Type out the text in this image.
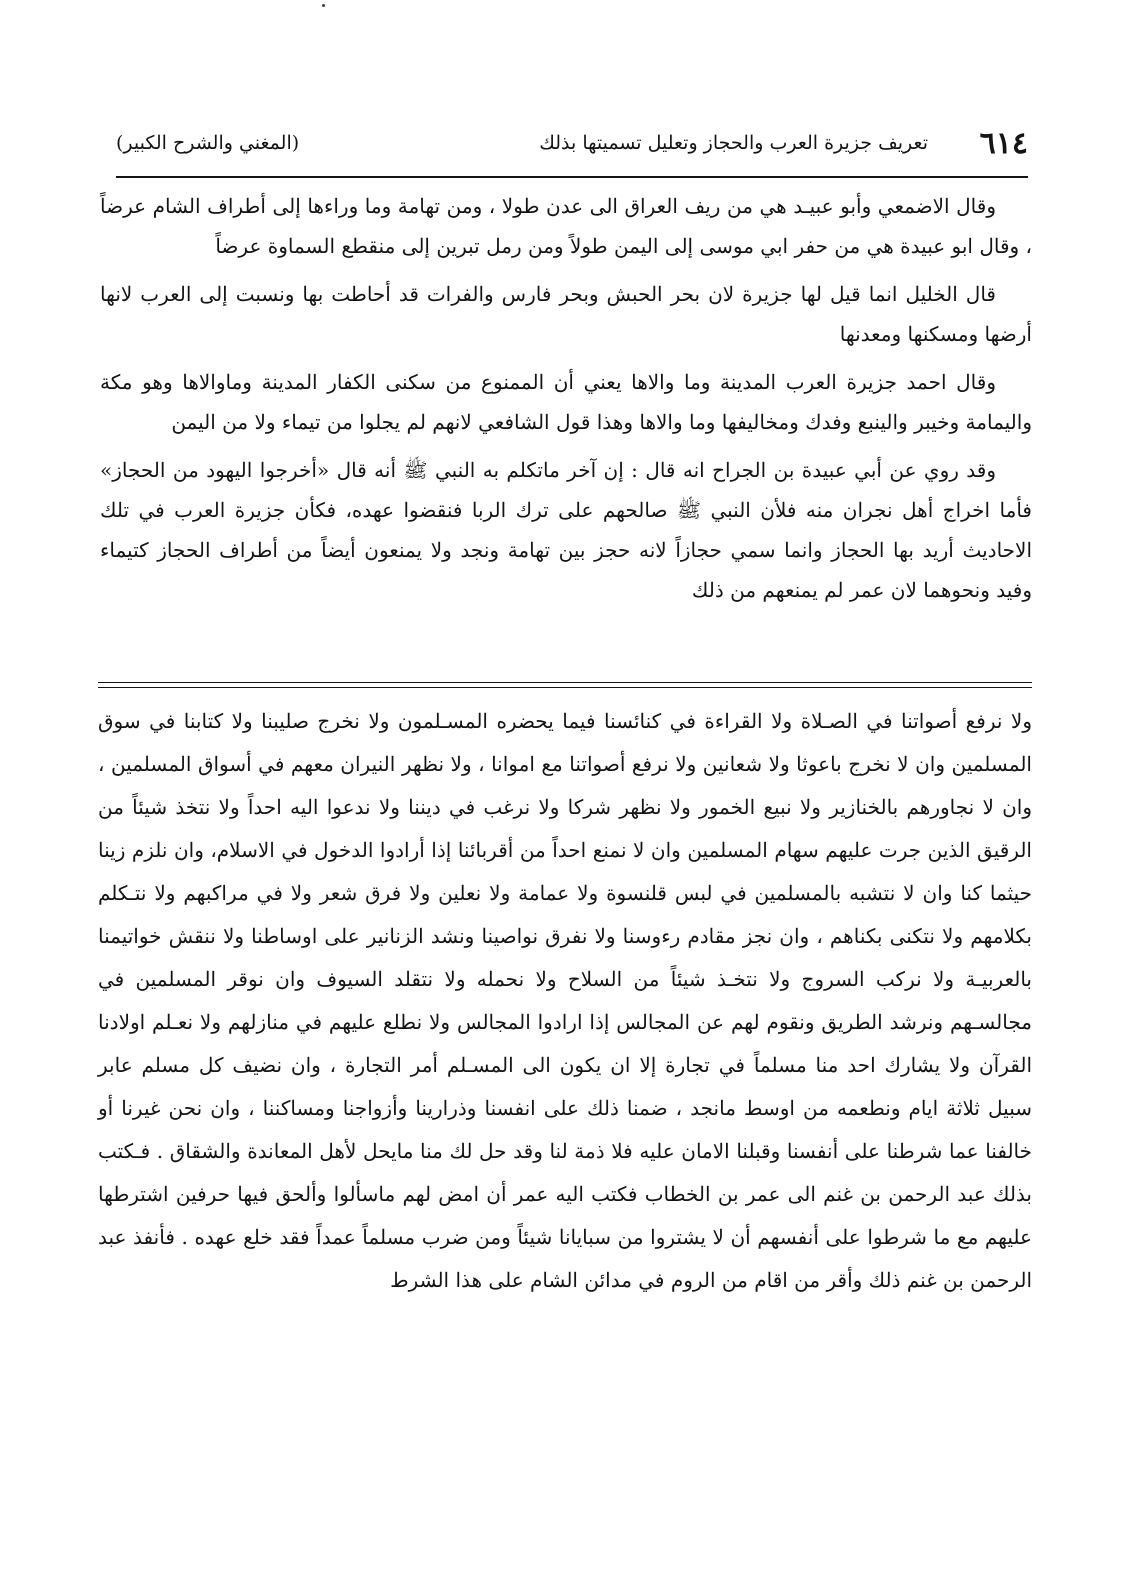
٦١٤
تعريف جزيرة العرب والحجاز وتعليل تسميتها بذلك
(المغني والشرح الكبير)

وقال الاضمعي وأبو عبيـد هي من ريف العراق الى عدن طولا ، ومن تهامة وما وراءها إلى أطراف الشام عرضاً ، وقال ابو عبيدة هي من حفر ابي موسى إلى اليمن طولاً ومن رمل تبرين إلى منقطع السماوة عرضاً

قال الخليل انما قيل لها جزيرة لان بحر الحبش وبحر فارس والفرات قد أحاطت بها ونسبت إلى العرب لانها أرضها ومسكنها ومعدنها

وقال احمد جزيرة العرب المدينة وما والاها يعني أن الممنوع من سكنى الكفار المدينة وماوالاها وهو مكة واليمامة وخيبر والينبع وفدك ومخاليفها وما والاها وهذا قول الشافعي لانهم لم يجلوا من تيماء ولا من اليمن

وقد روي عن أبي عبيدة بن الجراح انه قال : إن آخر ماتكلم به النبي ﷺ أنه قال «أخرجوا اليهود من الحجاز» فأما اخراج أهل نجران منه فلأن النبي ﷺ صالحهم على ترك الربا فنقضوا عهده، فكأن جزيرة العرب في تلك الاحاديث أريد بها الحجاز وانما سمي حجازاً لانه حجز بين تهامة ونجد ولا يمنعون أيضاً من أطراف الحجاز كتيماء وفيد ونحوهما لان عمر لم يمنعهم من ذلك

ولا نرفع أصواتنا في الصـلاة ولا القراءة في كنائسنا فيما يحضره المسـلمون ولا نخرج صليبنا ولا كتابنا في سوق المسلمين وان لا نخرج باعوثا ولا شعانين ولا نرفع أصواتنا مع اموانا ، ولا نظهر النيران معهم في أسواق المسلمين ، وان لا نجاورهم بالخنازير ولا نبيع الخمور ولا نظهر شركا ولا نرغب في ديننا ولا ندعوا اليه احداً ولا نتخذ شيئاً من الرقيق الذين جرت عليهم سهام المسلمين وان لا نمنع احداً من أقربائنا إذا أرادوا الدخول في الاسلام، وان نلزم زينا حيثما كنا وان لا نتشبه بالمسلمين في لبس قلنسوة ولا عمامة ولا نعلين ولا فرق شعر ولا في مراكبهم ولا نتـكلم بكلامهم ولا نتكنى بكناهم ، وان نجز مقادم رءوسنا ولا نفرق نواصينا ونشد الزنانير على اوساطنا ولا ننقش خواتيمنا بالعربيـة ولا نركب السروج ولا نتخـذ شيئاً من السلاح ولا نحمله ولا نتقلد السيوف وان نوقر المسلمين في مجالسـهم ونرشد الطريق ونقوم لهم عن المجالس إذا ارادوا المجالس ولا نطلع عليهم في منازلهم ولا نعـلم اولادنا القرآن ولا يشارك احد منا مسلماً في تجارة إلا ان يكون الى المسـلم أمر التجارة ، وان نضيف كل مسلم عابر سبيل ثلاثة ايام ونطعمه من اوسط مانجد ، ضمنا ذلك على انفسنا وذرارينا وأزواجنا ومساكننا ، وان نحن غيرنا أو خالفنا عما شرطنا على أنفسنا وقبلنا الامان عليه فلا ذمة لنا وقد حل لك منا مايحل لأهل المعاندة والشقاق . فـكتب بذلك عبد الرحمن بن غنم الى عمر بن الخطاب فكتب اليه عمر أن امض لهم ماسألوا وألحق فيها حرفين اشترطها عليهم مع ما شرطوا على أنفسهم أن لا يشتروا من سبايانا شيئاً ومن ضرب مسلماً عمداً فقد خلع عهده . فأنفذ عبد الرحمن بن غنم ذلك وأقر من اقام من الروم في مدائن الشام على هذا الشرط
